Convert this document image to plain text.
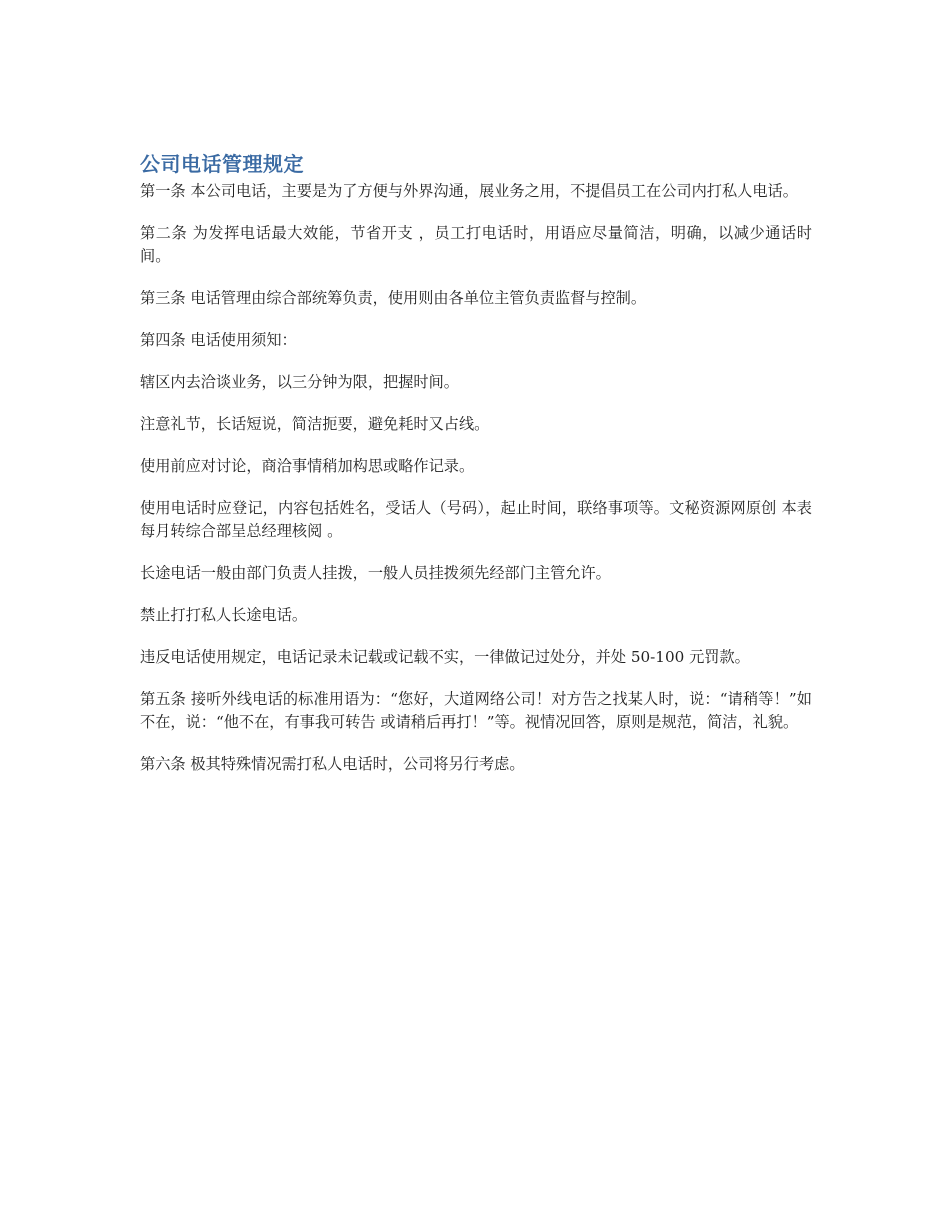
公司电话管理规定

第一条 本公司电话，主要是为了方便与外界沟通，展业务之用，不提倡员工在公司内打私人电话。

第二条 为发挥电话最大效能，节省开支 ，员工打电话时，用语应尽量简洁，明确，以减少通话时间。

第三条 电话管理由综合部统筹负责，使用则由各单位主管负责监督与控制。

第四条 电话使用须知：

辖区内去洽谈业务，以三分钟为限，把握时间。

注意礼节，长话短说，简洁扼要，避免耗时又占线。

使用前应对讨论，商洽事情稍加构思或略作记录。

使用电话时应登记，内容包括姓名，受话人（号码），起止时间，联络事项等。文秘资源网原创 本表每月转综合部呈总经理核阅 。

长途电话一般由部门负责人挂拨，一般人员挂拨须先经部门主管允许。

禁止打打私人长途电话。

违反电话使用规定，电话记录未记载或记载不实，一律做记过处分，并处 50-100 元罚款。

第五条 接听外线电话的标准用语为：“您好，大道网络公司！对方告之找某人时，说：“请稍等！”如不在，说：“他不在，有事我可转告 或请稍后再打！”等。视情况回答，原则是规范，简洁，礼貌。

第六条 极其特殊情况需打私人电话时，公司将另行考虑。
